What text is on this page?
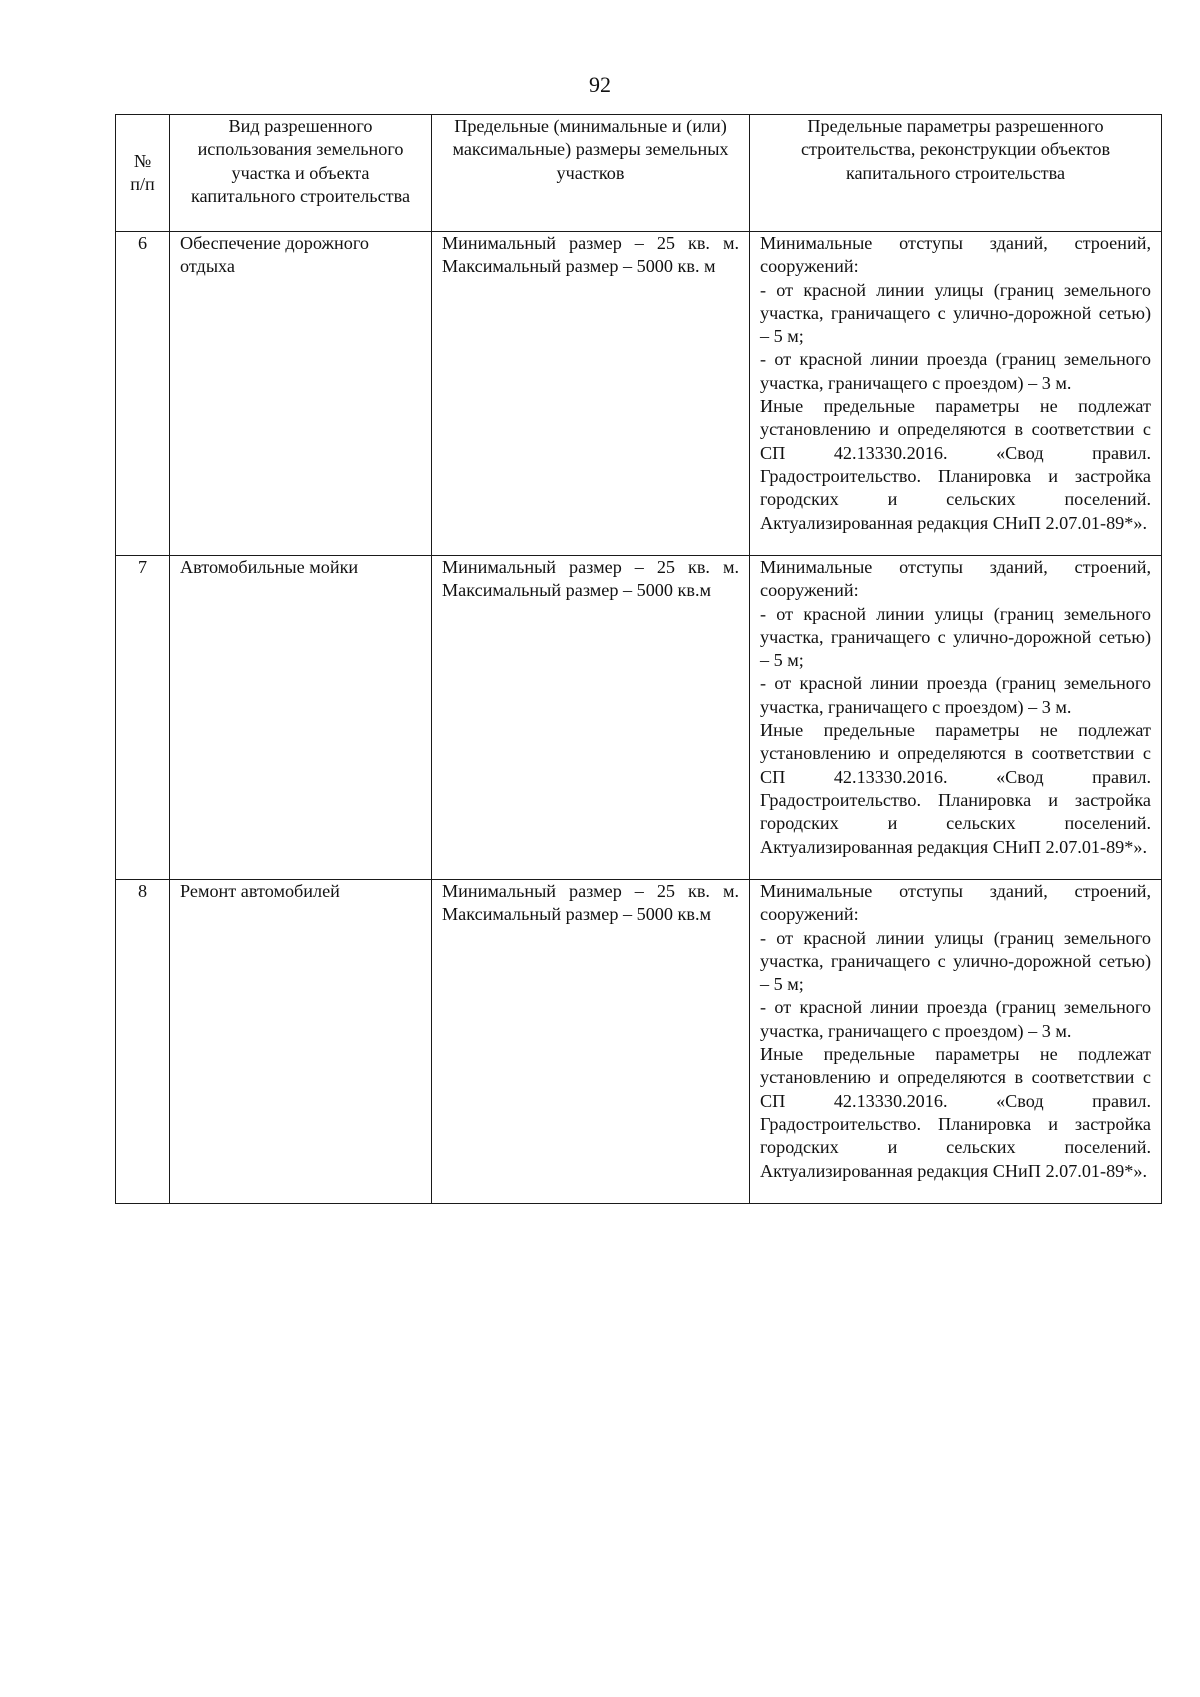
92
№
п/п	Вид разрешенного использования земельного участка и объекта капитального строительства	Предельные (минимальные и (или) максимальные) размеры земельных участков	Предельные параметры разрешенного строительства, реконструкции объектов капитального строительства
6	Обеспечение дорожного отдыха	Минимальный размер – 25 кв. м. Максимальный размер – 5000 кв. м	Минимальные отступы зданий, строений, сооружений:
- от красной линии улицы (границ земельного участка, граничащего с улично-дорожной сетью) – 5 м;
- от красной линии проезда (границ земельного участка, граничащего с проездом) – 3 м.
Иные предельные параметры не подлежат установлению и определяются в соответствии с СП 42.13330.2016. «Свод правил. Градостроительство. Планировка и застройка городских и сельских поселений. Актуализированная редакция СНиП 2.07.01-89*».

7	Автомобильные мойки	Минимальный размер – 25 кв. м. Максимальный размер – 5000 кв.м	Минимальные отступы зданий, строений, сооружений:
- от красной линии улицы (границ земельного участка, граничащего с улично-дорожной сетью) – 5 м;
- от красной линии проезда (границ земельного участка, граничащего с проездом) – 3 м.
Иные предельные параметры не подлежат установлению и определяются в соответствии с СП 42.13330.2016. «Свод правил. Градостроительство. Планировка и застройка городских и сельских поселений. Актуализированная редакция СНиП 2.07.01-89*».

8	Ремонт автомобилей	Минимальный размер – 25 кв. м. Максимальный размер – 5000 кв.м	Минимальные отступы зданий, строений, сооружений:
- от красной линии улицы (границ земельного участка, граничащего с улично-дорожной сетью) – 5 м;
- от красной линии проезда (границ земельного участка, граничащего с проездом) – 3 м.
Иные предельные параметры не подлежат установлению и определяются в соответствии с СП 42.13330.2016. «Свод правил. Градостроительство. Планировка и застройка городских и сельских поселений. Актуализированная редакция СНиП 2.07.01-89*».
